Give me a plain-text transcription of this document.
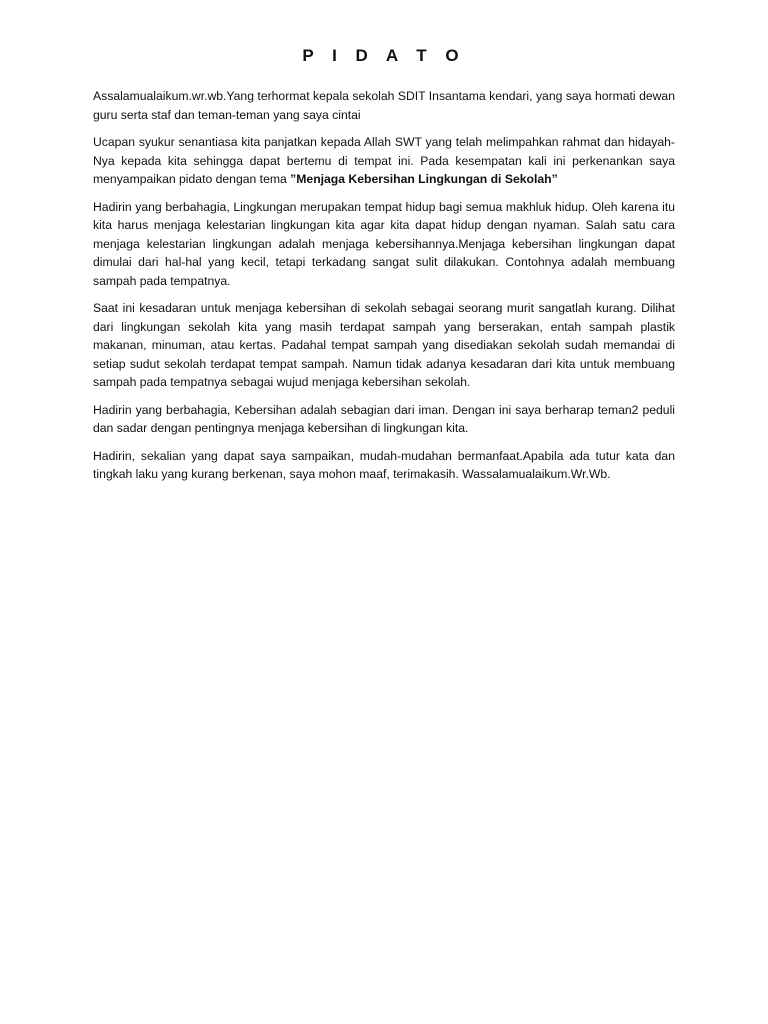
P I D A T O

Assalamualaikum.wr.wb.Yang terhormat kepala sekolah SDIT Insantama kendari, yang saya hormati dewan guru serta staf dan teman-teman yang saya cintai

Ucapan syukur senantiasa kita panjatkan kepada Allah SWT yang telah melimpahkan rahmat dan hidayah-Nya kepada kita sehingga dapat bertemu di tempat ini. Pada kesempatan kali ini perkenankan saya menyampaikan pidato dengan tema ”Menjaga Kebersihan Lingkungan di Sekolah”

Hadirin yang berbahagia, Lingkungan merupakan tempat hidup bagi semua makhluk hidup. Oleh karena itu kita harus menjaga kelestarian lingkungan kita agar kita dapat hidup dengan nyaman. Salah satu cara menjaga kelestarian lingkungan adalah menjaga kebersihannya.Menjaga kebersihan lingkungan dapat dimulai dari hal-hal yang kecil, tetapi terkadang sangat sulit dilakukan. Contohnya adalah membuang sampah pada tempatnya.

Saat ini kesadaran untuk menjaga kebersihan di sekolah sebagai seorang murit sangatlah kurang. Dilihat dari lingkungan sekolah kita yang masih terdapat sampah yang berserakan, entah sampah plastik makanan, minuman, atau kertas. Padahal tempat sampah yang disediakan sekolah sudah memandai di setiap sudut sekolah terdapat tempat sampah. Namun tidak adanya kesadaran dari kita untuk membuang sampah pada tempatnya sebagai wujud menjaga kebersihan sekolah.

Hadirin yang berbahagia, Kebersihan adalah sebagian dari iman. Dengan ini saya berharap teman2 peduli dan sadar dengan pentingnya menjaga kebersihan di lingkungan kita.

Hadirin, sekalian yang dapat saya sampaikan, mudah-mudahan bermanfaat.Apabila ada tutur kata dan tingkah laku yang kurang berkenan, saya mohon maaf, terimakasih. Wassalamualaikum.Wr.Wb.
